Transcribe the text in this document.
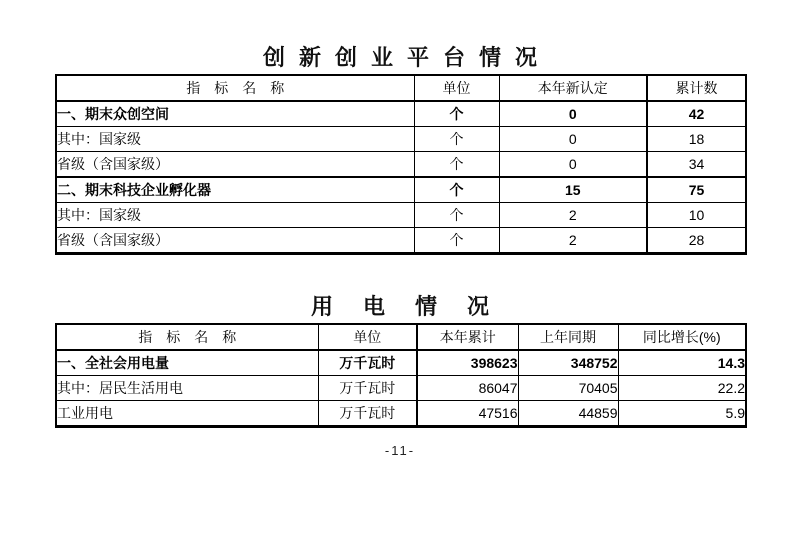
创新创业平台情况
指　标　名　称	单位	本年新认定	累计数
一、期末众创空间	个	0	42
其中：国家级	个	0	18
省级（含国家级）	个	0	34
二、期末科技企业孵化器	个	15	75
其中：国家级	个	2	10
省级（含国家级）	个	2	28
用电情况
指　标　名　称	单位	本年累计	上年同期	同比增长(%)
一、全社会用电量	万千瓦时	398623	348752	14.3
其中：居民生活用电	万千瓦时	86047	70405	22.2
工业用电	万千瓦时	47516	44859	5.9
-11-
